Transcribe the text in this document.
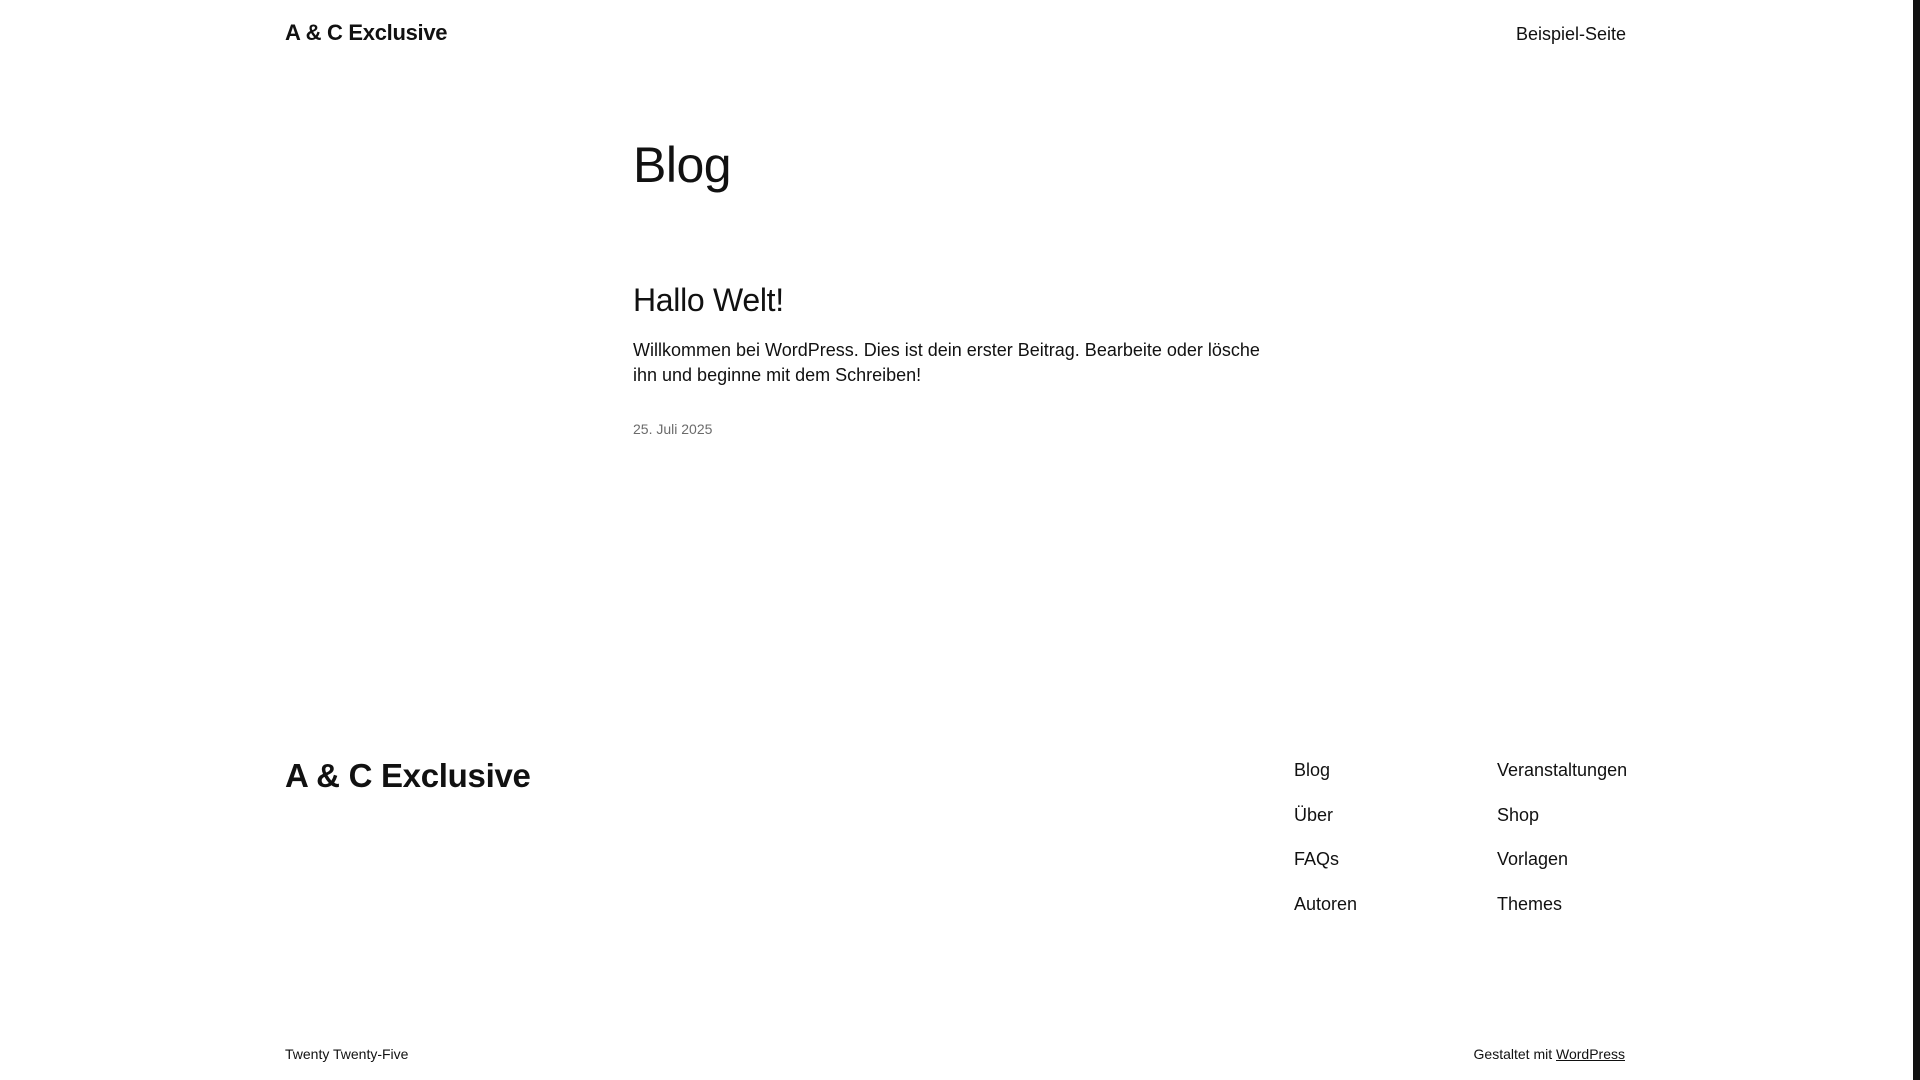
A & C Exclusive	Beispiel-Seite
Blog
Hallo Welt!

Willkommen bei WordPress. Dies ist dein erster Beitrag. Bearbeite oder lösche ihn und beginne mit dem Schreiben!

25. Juli 2025
A & C Exclusive	Blog
Über
FAQs
Autoren
Veranstaltungen
Shop
Vorlagen
Themes
Twenty Twenty-Five	Gestaltet mit WordPress
